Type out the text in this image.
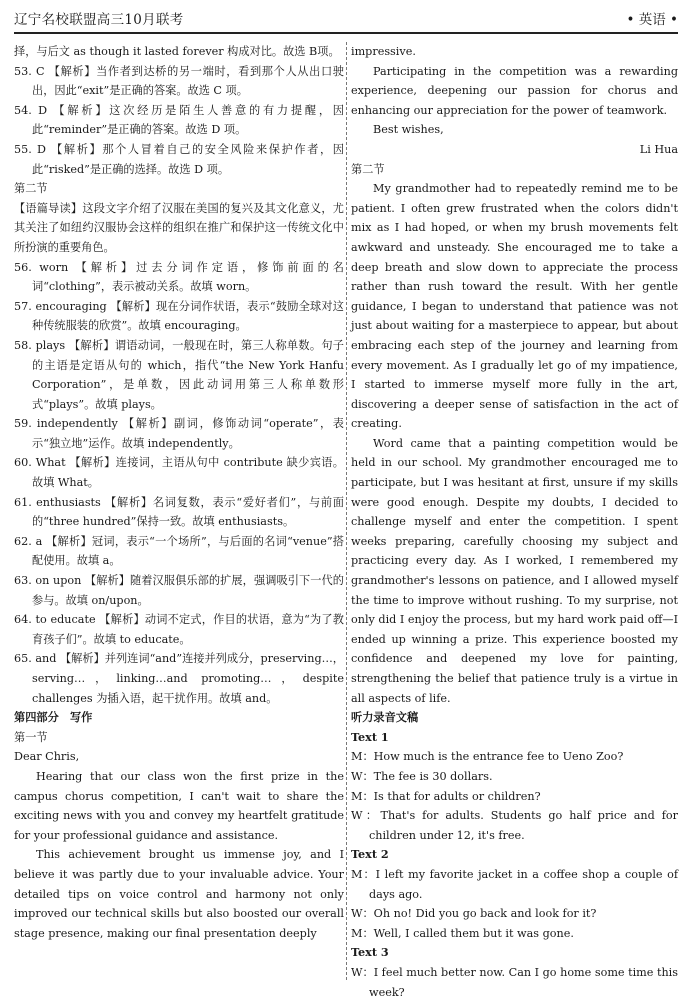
辽宁名校联盟高三10月联考	• 英语 •

择，与后文 as though it lasted forever 构成对比。故选 B项。

53. C 【解析】当作者到达桥的另一端时，看到那个人从出口驶出，因此“exit”是正确的答案。故选 C 项。

54. D 【解析】这次经历是陌生人善意的有力提醒，因此“reminder”是正确的答案。故选 D 项。

55. D 【解析】那个人冒着自己的安全风险来保护作者，因此“risked”是正确的选择。故选 D 项。

第二节

【语篇导读】这段文字介绍了汉服在美国的复兴及其文化意义，尤其关注了如纽约汉服协会这样的组织在推广和保护这一传统文化中所扮演的重要角色。

56. worn 【解析】过去分词作定语，修饰前面的名词“clothing”，表示被动关系。故填 worn。

57. encouraging 【解析】现在分词作状语，表示“鼓励全球对这种传统服装的欣赏”。故填 encouraging。

58. plays 【解析】谓语动词，一般现在时，第三人称单数。句子的主语是定语从句的 which，指代“the New York Hanfu Corporation”，是单数，因此动词用第三人称单数形式“plays”。故填 plays。

59. independently 【解析】副词，修饰动词“operate”，表示“独立地”运作。故填 independently。

60. What 【解析】连接词，主语从句中 contribute 缺少宾语。故填 What。

61. enthusiasts 【解析】名词复数，表示“爱好者们”，与前面的“three hundred”保持一致。故填 enthusiasts。

62. a 【解析】冠词，表示“一个场所”，与后面的名词“venue”搭配使用。故填 a。

63. on upon 【解析】随着汉服俱乐部的扩展，强调吸引下一代的参与。故填 on/upon。

64. to educate 【解析】动词不定式，作目的状语，意为“为了教育孩子们”。故填 to educate。

65. and 【解析】并列连词“and”连接并列成分，preserving…，serving…，linking…and promoting…，despite challenges 为插入语，起干扰作用。故填 and。

第四部分　写作

第一节

Dear Chris,

Hearing that our class won the first prize in the campus chorus competition, I can't wait to share the exciting news with you and convey my heartfelt gratitude for your professional guidance and assistance.

This achievement brought us immense joy, and I believe it was partly due to your invaluable advice. Your detailed tips on voice control and harmony not only improved our technical skills but also boosted our overall stage presence, making our final presentation deeply

impressive.

Participating in the competition was a rewarding experience, deepening our passion for chorus and enhancing our appreciation for the power of teamwork.

Best wishes,

Li Hua

第二节

My grandmother had to repeatedly remind me to be patient. I often grew frustrated when the colors didn't mix as I had hoped, or when my brush movements felt awkward and unsteady. She encouraged me to take a deep breath and slow down to appreciate the process rather than rush toward the result. With her gentle guidance, I began to understand that patience was not just about waiting for a masterpiece to appear, but about embracing each step of the journey and learning from every movement. As I gradually let go of my impatience, I started to immerse myself more fully in the art, discovering a deeper sense of satisfaction in the act of creating.

Word came that a painting competition would be held in our school. My grandmother encouraged me to participate, but I was hesitant at first, unsure if my skills were good enough. Despite my doubts, I decided to challenge myself and enter the competition. I spent weeks preparing, carefully choosing my subject and practicing every day. As I worked, I remembered my grandmother's lessons on patience, and I allowed myself the time to improve without rushing. To my surprise, not only did I enjoy the process, but my hard work paid off—I ended up winning a prize. This experience boosted my confidence and deepened my love for painting, strengthening the belief that patience truly is a virtue in all aspects of life.

听力录音文稿

Text 1

M：How much is the entrance fee to Ueno Zoo?

W：The fee is 30 dollars.

M：Is that for adults or children?

W：That's for adults. Students go half price and for children under 12, it's free.

Text 2

M：I left my favorite jacket in a coffee shop a couple of days ago.

W：Oh no! Did you go back and look for it?

M：Well, I called them but it was gone.

Text 3

W：I feel much better now. Can I go home some time this week?
